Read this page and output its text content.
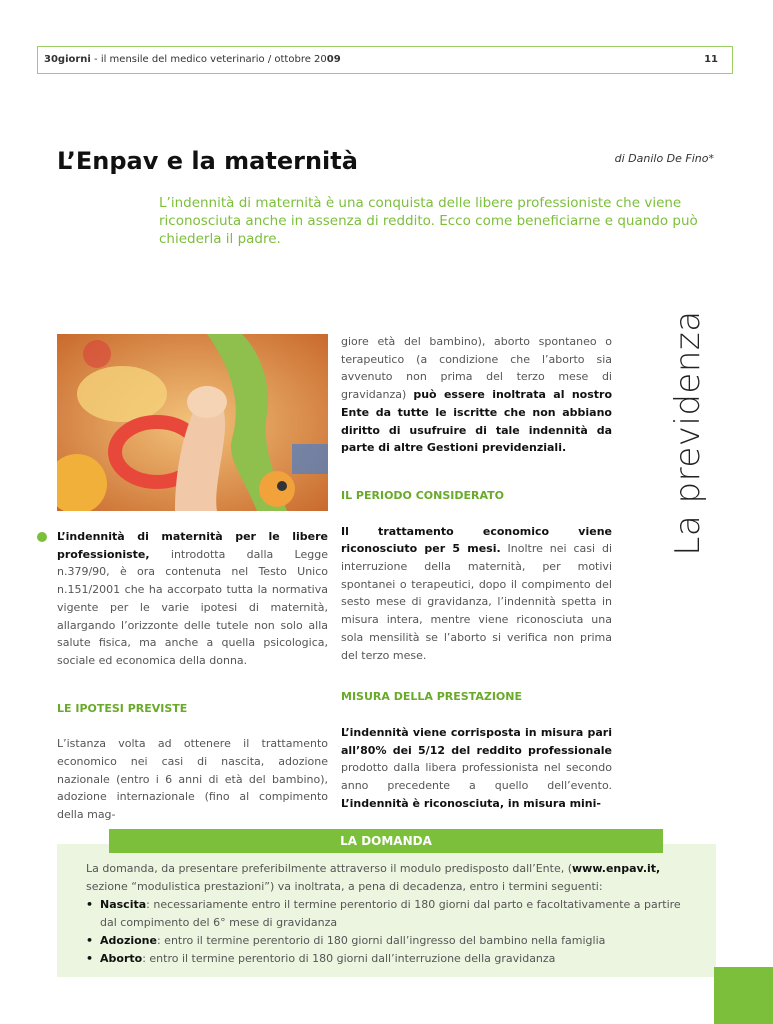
30giorni - il mensile del medico veterinario / ottobre 2009	11
L’Enpav e la maternità	di Danilo De Fino*
L’indennità di maternità è una conquista delle libere professioniste che viene riconosciuta anche in assenza di reddito. Ecco come beneficiarne e quando può chiederla il padre.

L’indennità di maternità per le libere professioniste, introdotta dalla Legge n.379/90, è ora contenuta nel Testo Unico n.151/2001 che ha accorpato tutta la normativa vigente per le varie ipotesi di maternità, allargando l’orizzonte delle tutele non solo alla salute fisica, ma anche a quella psicologica, sociale ed economica della donna.

LE IPOTESI PREVISTE

L’istanza volta ad ottenere il trattamento economico nei casi di nascita, adozione nazionale (entro i 6 anni di età del bambino), adozione internazionale (fino al compimento della mag-

giore età del bambino), aborto spontaneo o terapeutico (a condizione che l’aborto sia avvenuto non prima del terzo mese di gravidanza) può essere inoltrata al nostro Ente da tutte le iscritte che non abbiano diritto di usufruire di tale indennità da parte di altre Gestioni previdenziali.

IL PERIODO CONSIDERATO

Il trattamento economico viene riconosciuto per 5 mesi. Inoltre nei casi di interruzione della maternità, per motivi spontanei o terapeutici, dopo il compimento del sesto mese di gravidanza, l’indennità spetta in misura intera, mentre viene riconosciuta una sola mensilità se l’aborto si verifica non prima del terzo mese.

MISURA DELLA PRESTAZIONE

L’indennità viene corrisposta in misura pari all’80% dei 5/12 del reddito professionale prodotto dalla libera professionista nel secondo anno precedente a quello dell’evento. L’indennità è riconosciuta, in misura mini-

La previdenza
LA DOMANDA
La domanda, da presentare preferibilmente attraverso il modulo predisposto dall’Ente, (www.enpav.it, sezione “modulistica prestazioni”) va inoltrata, a pena di decadenza, entro i termini seguenti:
• Nascita: necessariamente entro il termine perentorio di 180 giorni dal parto e facoltativamente a partire dal compimento del 6° mese di gravidanza
• Adozione: entro il termine perentorio di 180 giorni dall’ingresso del bambino nella famiglia
• Aborto: entro il termine perentorio di 180 giorni dall’interruzione della gravidanza
